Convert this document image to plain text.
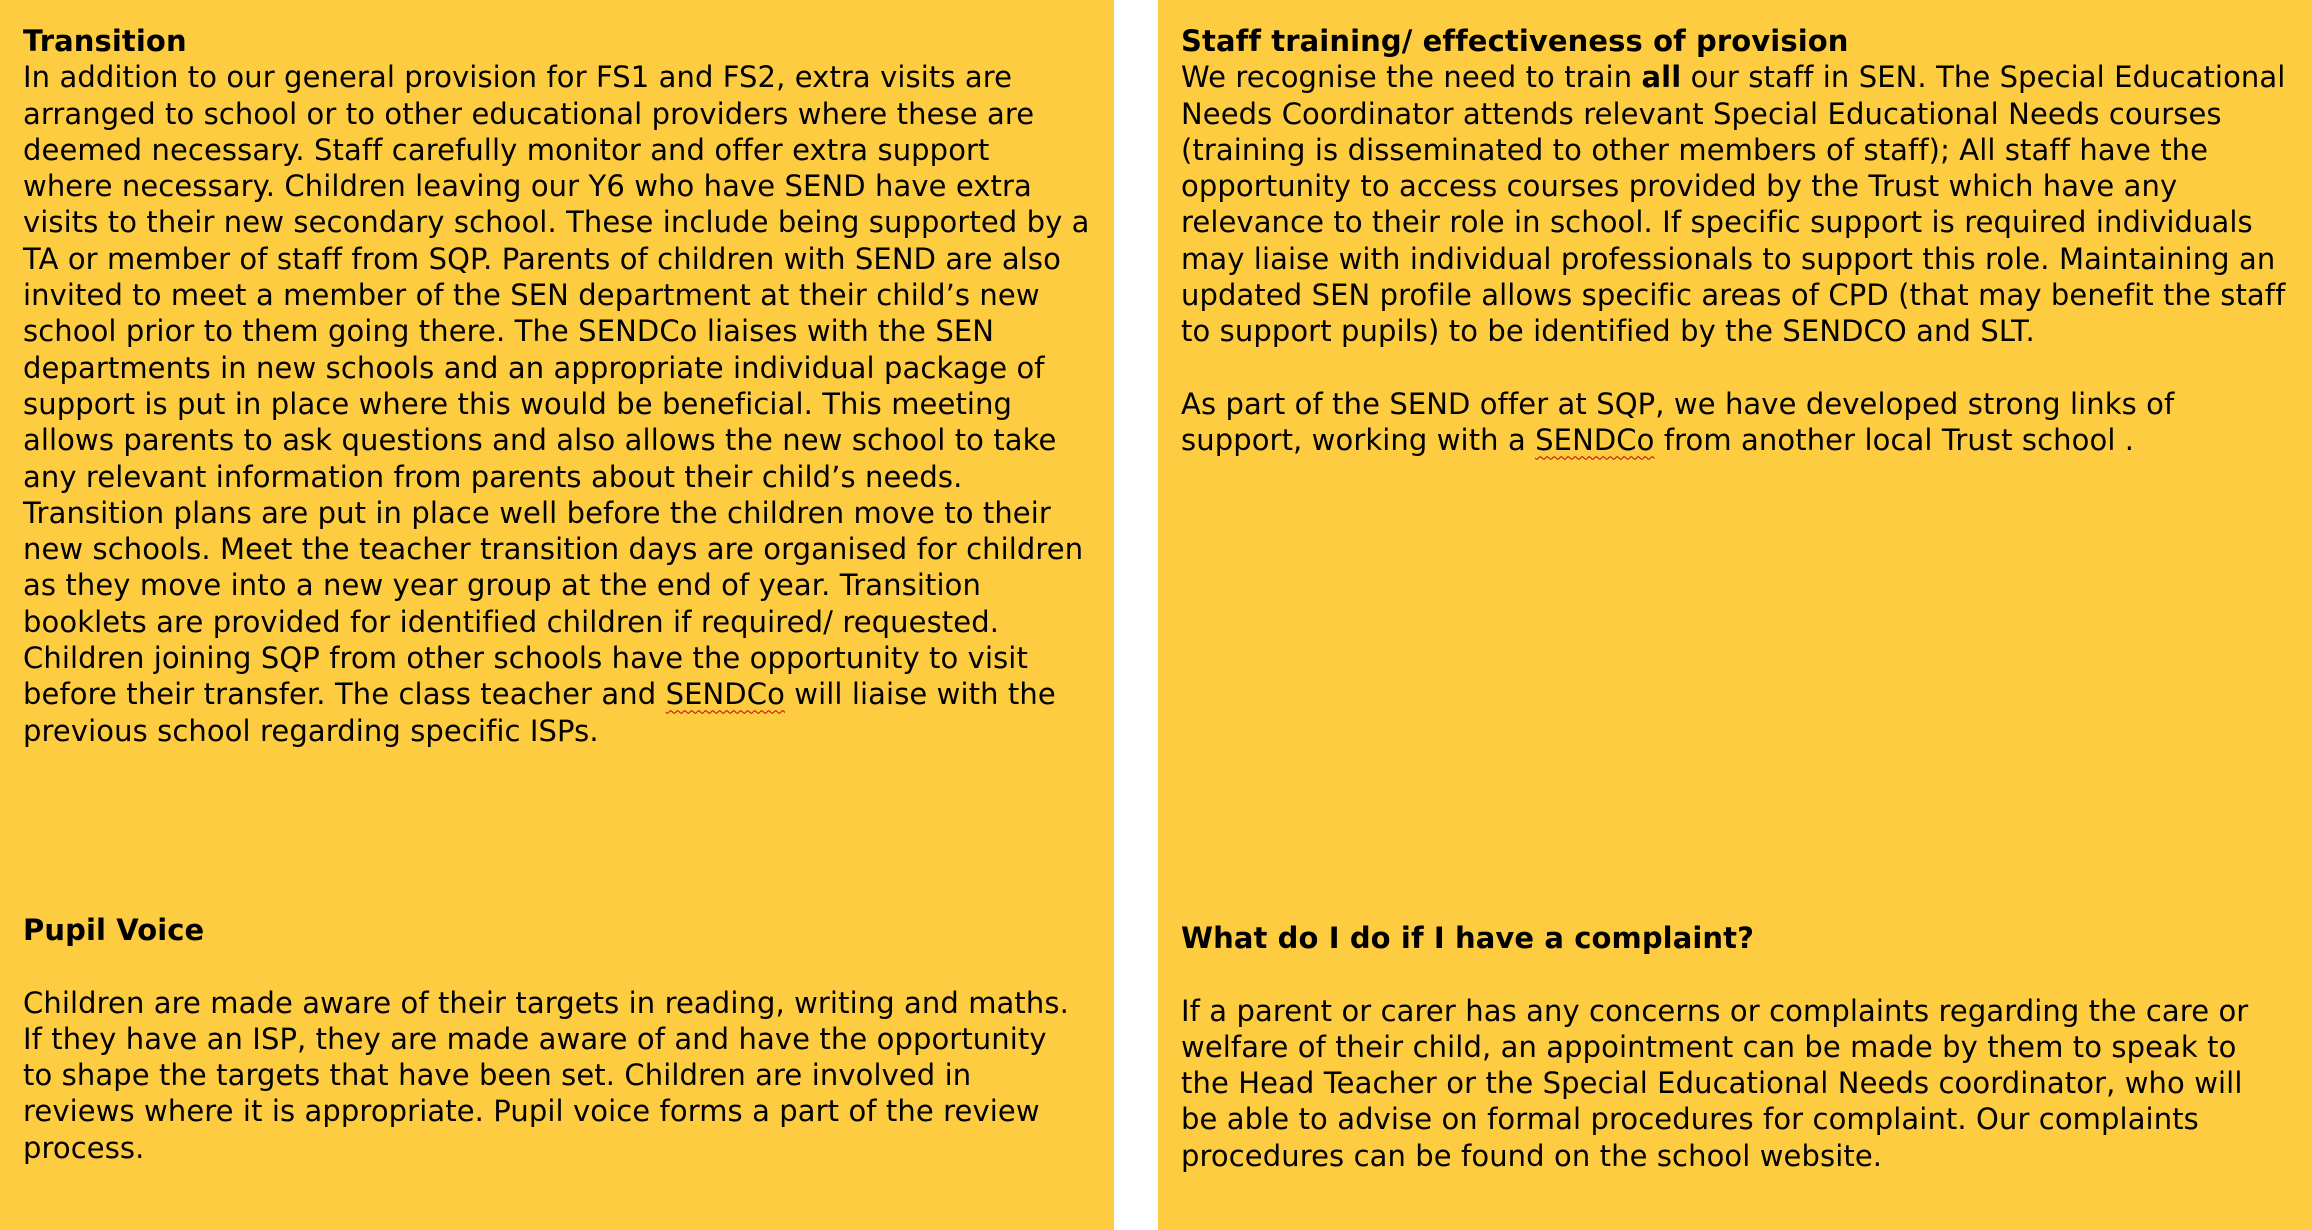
Transition

In addition to our general provision for FS1 and FS2, extra visits are
arranged to school or to other educational providers where these are
deemed necessary. Staff carefully monitor and offer extra support
where necessary. Children leaving our Y6 who have SEND have extra
visits to their new secondary school. These include being supported by a
TA or member of staff from SQP. Parents of children with SEND are also
invited to meet a member of the SEN department at their child’s new
school prior to them going there. The SENDCo liaises with the SEN
departments in new schools and an appropriate individual package of
support is put in place where this would be beneficial. This meeting
allows parents to ask questions and also allows the new school to take
any relevant information from parents about their child’s needs.
Transition plans are put in place well before the children move to their
new schools. Meet the teacher transition days are organised for children
as they move into a new year group at the end of year. Transition
booklets are provided for identified children if required/ requested.
Children joining SQP from other schools have the opportunity to visit
before their transfer. The class teacher and SENDCo will liaise with the
previous school regarding specific ISPs.

Pupil Voice

Children are made aware of their targets in reading, writing and maths.
If they have an ISP, they are made aware of and have the opportunity
to shape the targets that have been set. Children are involved in
reviews where it is appropriate. Pupil voice forms a part of the review
process.

Staff training/ effectiveness of provision

We recognise the need to train all our staff in SEN. The Special Educational
Needs Coordinator attends relevant Special Educational Needs courses
(training is disseminated to other members of staff); All staff have the
opportunity to access courses provided by the Trust which have any
relevance to their role in school. If specific support is required individuals
may liaise with individual professionals to support this role. Maintaining an
updated SEN profile allows specific areas of CPD (that may benefit the staff
to support pupils) to be identified by the SENDCO and SLT.

As part of the SEND offer at SQP, we have developed strong links of
support, working with a SENDCo from another local Trust school .

What do I do if I have a complaint?

If a parent or carer has any concerns or complaints regarding the care or
welfare of their child, an appointment can be made by them to speak to
the Head Teacher or the Special Educational Needs coordinator, who will
be able to advise on formal procedures for complaint. Our complaints
procedures can be found on the school website.
